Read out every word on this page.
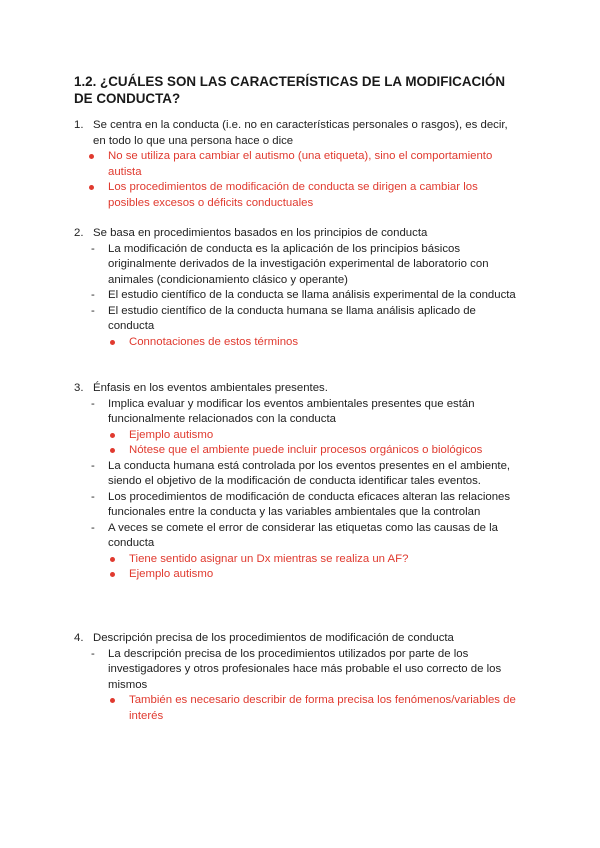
1.2. ¿CUÁLES SON LAS CARACTERÍSTICAS DE LA MODIFICACIÓN DE CONDUCTA?
1. Se centra en la conducta (i.e. no en características personales o rasgos), es decir, en todo lo que una persona hace o dice
No se utiliza para cambiar el autismo (una etiqueta), sino el comportamiento autista
Los procedimientos de modificación de conducta se dirigen a cambiar los posibles excesos o déficits conductuales
2. Se basa en procedimientos basados en los principios de conducta
- La modificación de conducta es la aplicación de los principios básicos originalmente derivados de la investigación experimental de laboratorio con animales (condicionamiento clásico y operante)
- El estudio científico de la conducta se llama análisis experimental de la conducta
- El estudio científico de la conducta humana se llama análisis aplicado de conducta
Connotaciones de estos términos
3. Énfasis en los eventos ambientales presentes.
- Implica evaluar y modificar los eventos ambientales presentes que están funcionalmente relacionados con la conducta
Ejemplo autismo
Nótese que el ambiente puede incluir procesos orgánicos o biológicos
- La conducta humana está controlada por los eventos presentes en el ambiente, siendo el objetivo de la modificación de conducta identificar tales eventos.
- Los procedimientos de modificación de conducta eficaces alteran las relaciones funcionales entre la conducta y las variables ambientales que la controlan
- A veces se comete el error de considerar las etiquetas como las causas de la conducta
Tiene sentido asignar un Dx mientras se realiza un AF?
Ejemplo autismo
4. Descripción precisa de los procedimientos de modificación de conducta
- La descripción precisa de los procedimientos utilizados por parte de los investigadores y otros profesionales hace más probable el uso correcto de los mismos
También es necesario describir de forma precisa los fenómenos/variables de interés
